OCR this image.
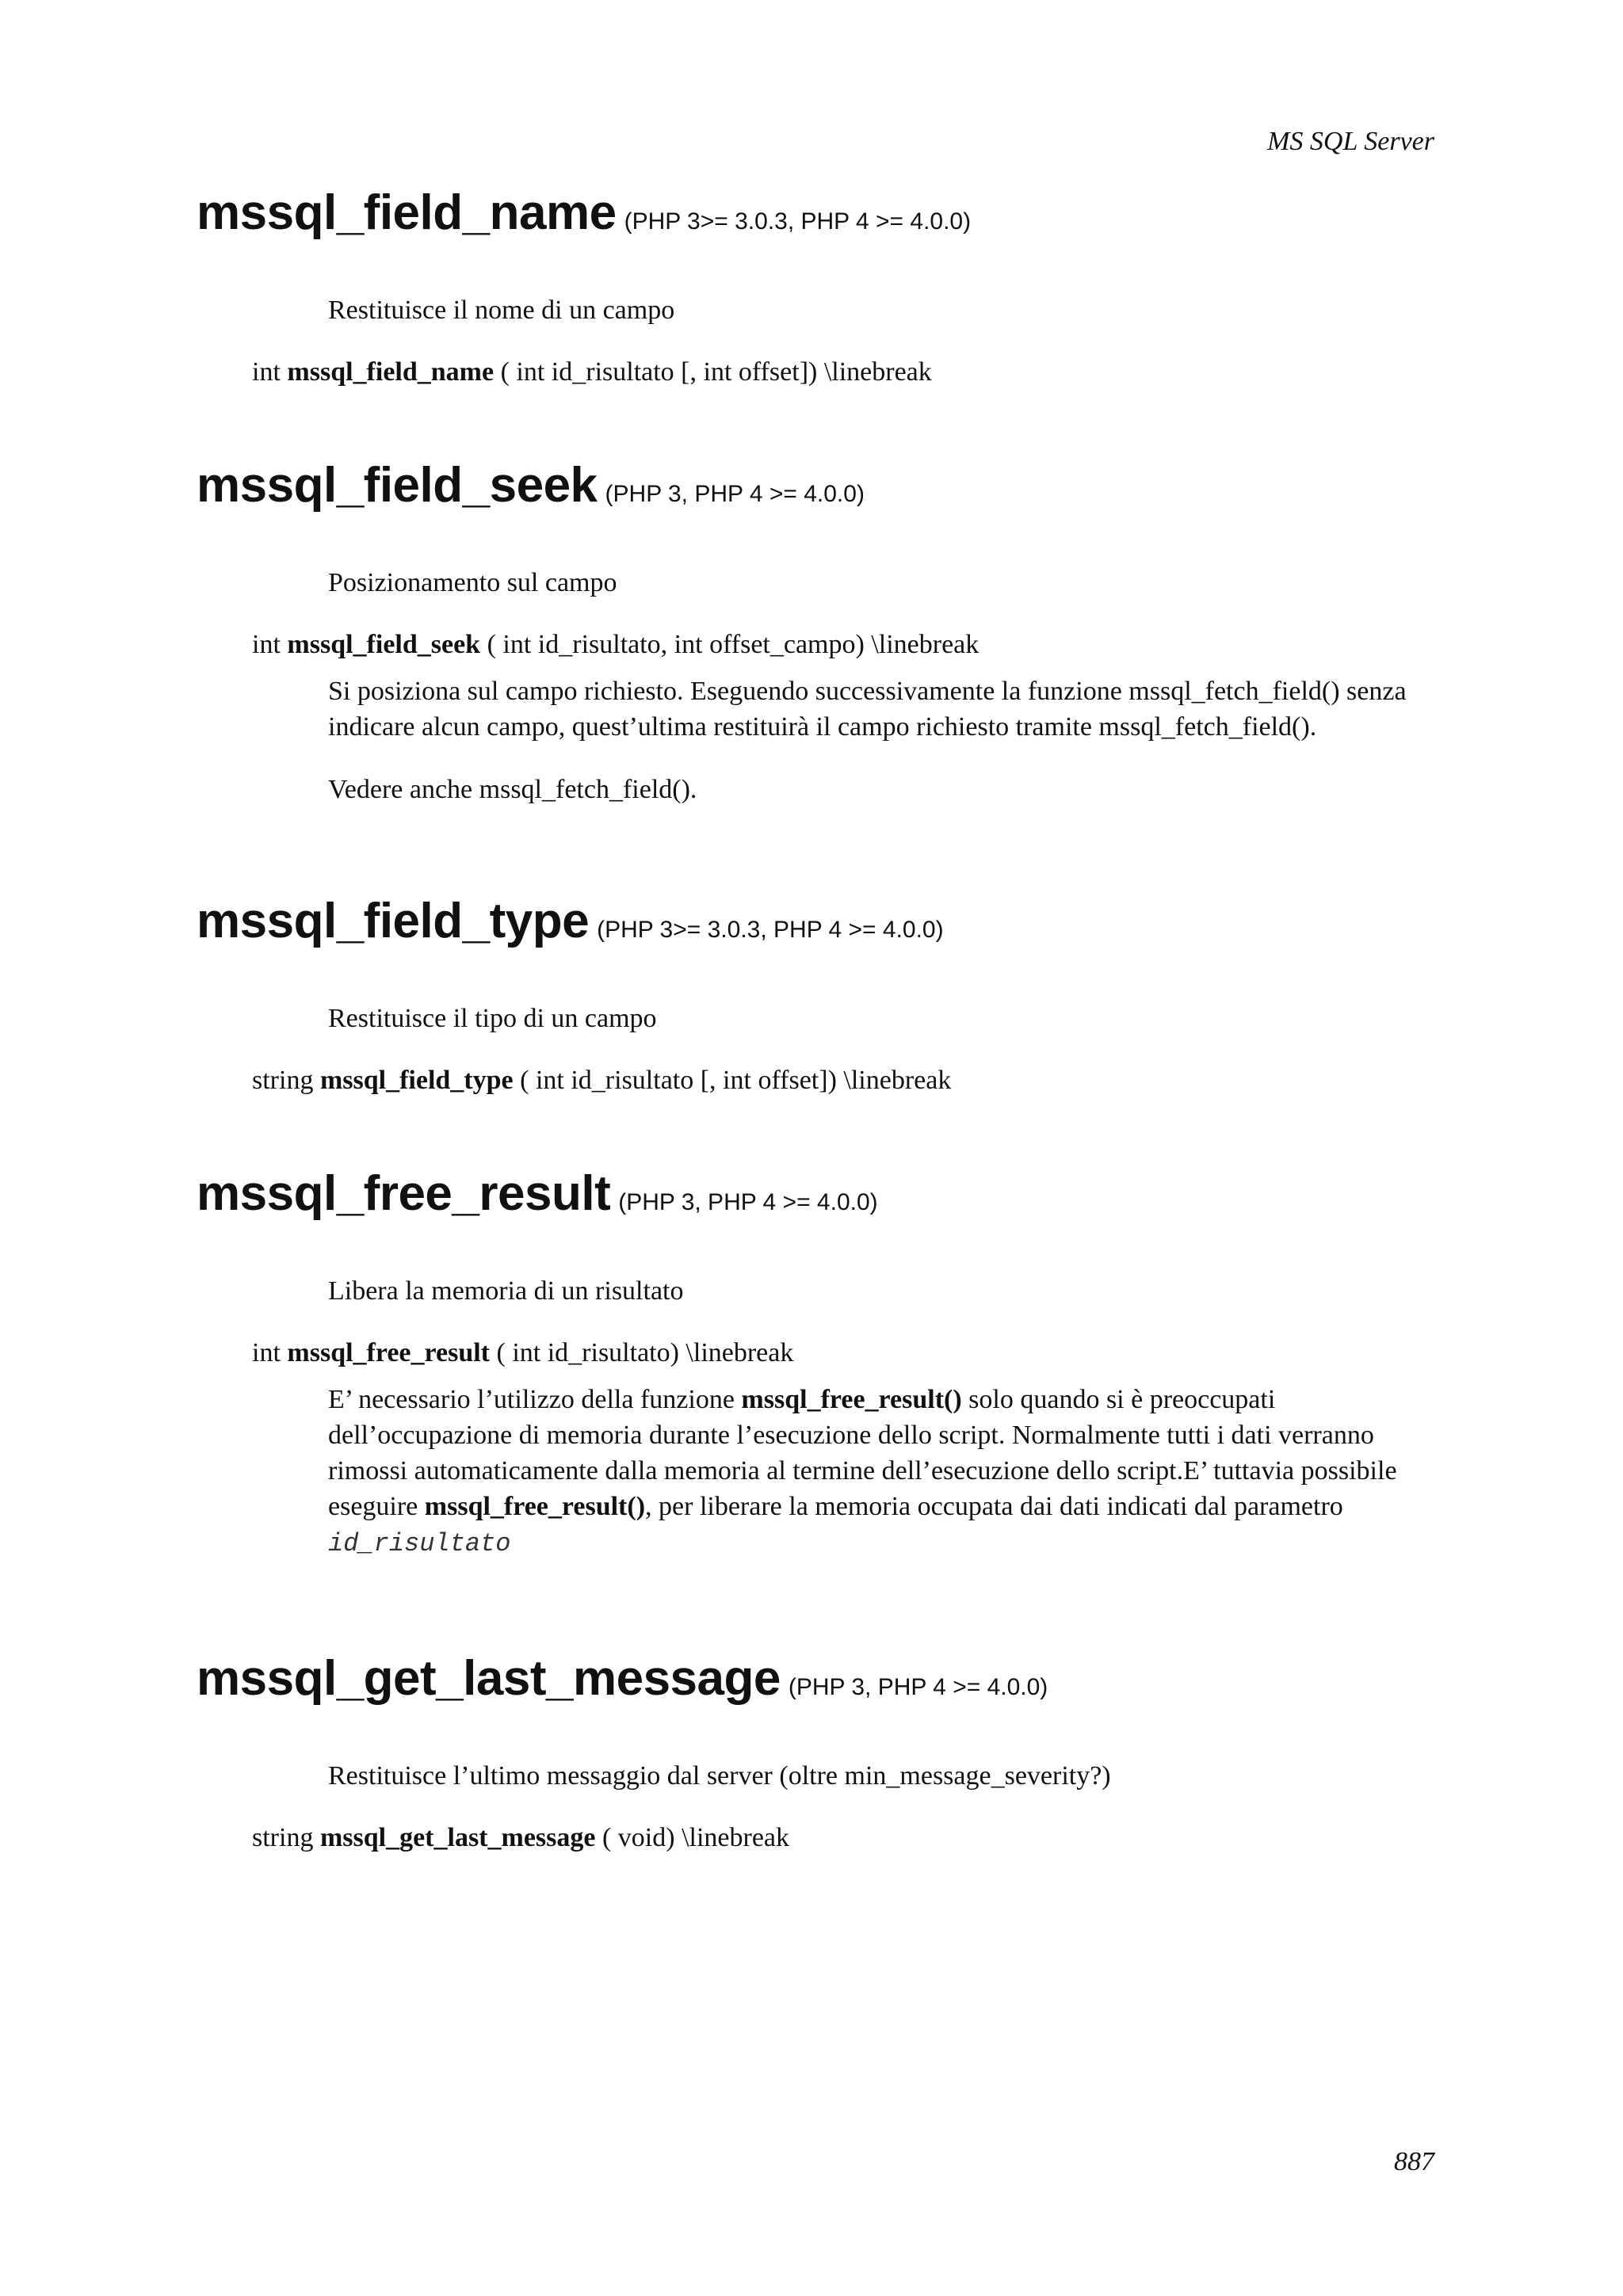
MS SQL Server
mssql_field_name (PHP 3>= 3.0.3, PHP 4 >= 4.0.0)

Restituisce il nome di un campo

int mssql_field_name ( int id_risultato [, int offset]) \linebreak

mssql_field_seek (PHP 3, PHP 4 >= 4.0.0)

Posizionamento sul campo

int mssql_field_seek ( int id_risultato, int offset_campo) \linebreak

Si posiziona sul campo richiesto. Eseguendo successivamente la funzione mssql_fetch_field() senza indicare alcun campo, quest’ultima restituirà il campo richiesto tramite mssql_fetch_field().

Vedere anche mssql_fetch_field().

mssql_field_type (PHP 3>= 3.0.3, PHP 4 >= 4.0.0)

Restituisce il tipo di un campo

string mssql_field_type ( int id_risultato [, int offset]) \linebreak

mssql_free_result (PHP 3, PHP 4 >= 4.0.0)

Libera la memoria di un risultato

int mssql_free_result ( int id_risultato) \linebreak

E’ necessario l’utilizzo della funzione mssql_free_result() solo quando si è preoccupati dell’occupazione di memoria durante l’esecuzione dello script. Normalmente tutti i dati verranno rimossi automaticamente dalla memoria al termine dell’esecuzione dello script.E’ tuttavia possibile eseguire mssql_free_result(), per liberare la memoria occupata dai dati indicati dal parametro
id_risultato

mssql_get_last_message (PHP 3, PHP 4 >= 4.0.0)

Restituisce l’ultimo messaggio dal server (oltre min_message_severity?)

string mssql_get_last_message ( void) \linebreak

887
